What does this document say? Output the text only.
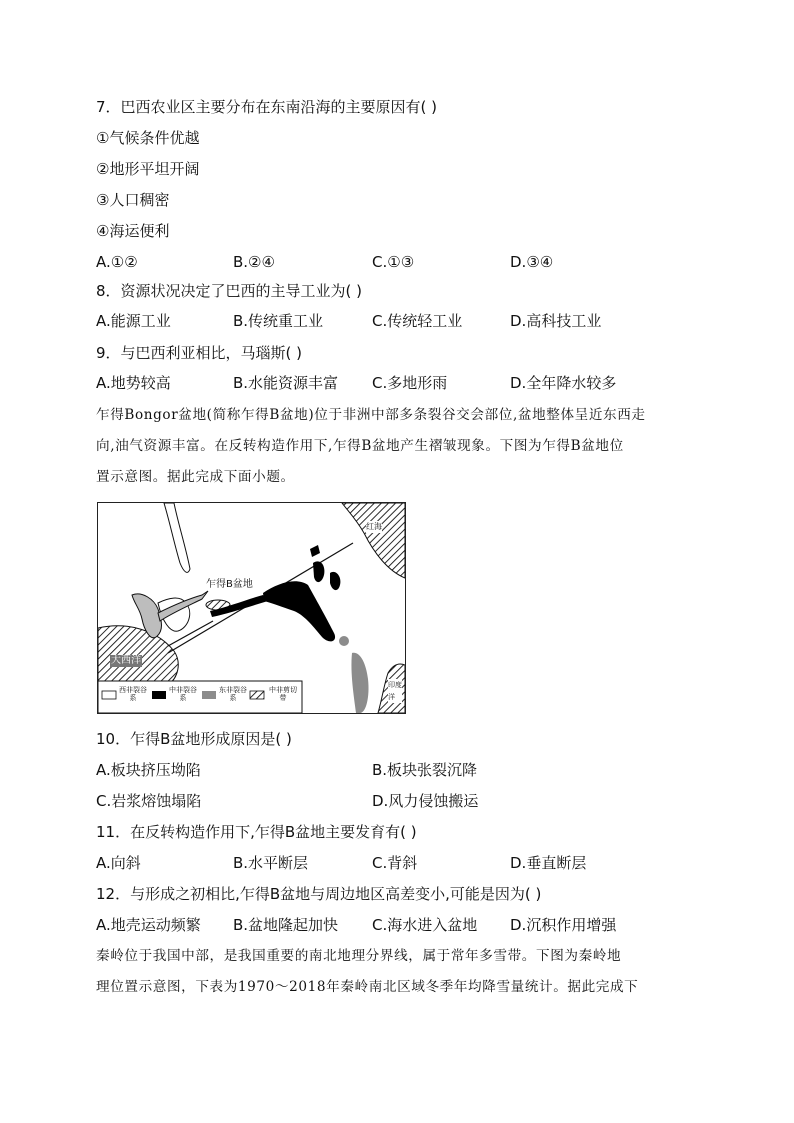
7．巴西农业区主要分布在东南沿海的主要原因有( )
①气候条件优越
②地形平坦开阔
③人口稠密
④海运便利
A.①②	B.②④	C.①③	D.③④
8．资源状况决定了巴西的主导工业为( )
A.能源工业	B.传统重工业	C.传统轻工业	D.高科技工业
9．与巴西利亚相比，马瑙斯( )
A.地势较高	B.水能资源丰富 C.多地形雨	D.全年降水较多
乍得Bongor盆地(简称乍得B盆地)位于非洲中部多条裂谷交会部位,盆地整体呈近东西走
向,油气资源丰富。在反转构造作用下,乍得B盆地产生褶皱现象。下图为乍得B盆地位
置示意图。据此完成下面小题。
乍得B盆地
大西洋
红海
印度洋
西非裂谷系
中非裂谷系
东非裂谷系
中非剪切带
10．乍得B盆地形成原因是( )
A.板块挤压坳陷	B.板块张裂沉降
C.岩浆熔蚀塌陷	D.风力侵蚀搬运
11．在反转构造作用下,乍得B盆地主要发育有( )
A.向斜	B.水平断层	C.背斜	D.垂直断层
12．与形成之初相比,乍得B盆地与周边地区高差变小,可能是因为( )
A.地壳运动频繁 B.盆地隆起加快 C.海水进入盆地 D.沉积作用增强
秦岭位于我国中部，是我国重要的南北地理分界线，属于常年多雪带。下图为秦岭地
理位置示意图，下表为1970～2018年秦岭南北区域冬季年均降雪量统计。据此完成下
